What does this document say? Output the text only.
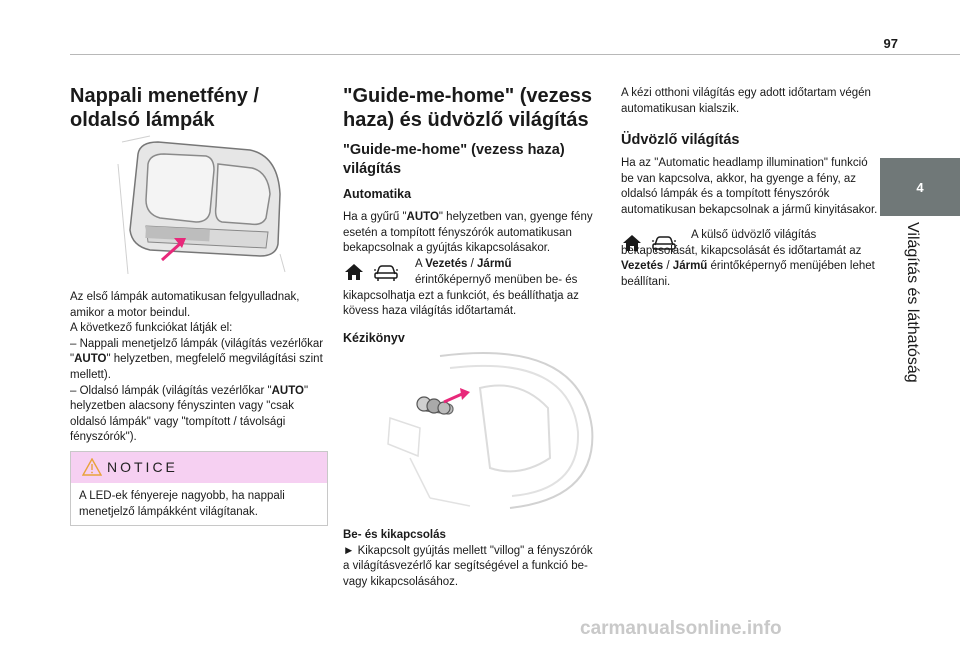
97
4
Világítás és láthatóság
Nappali menetfény / oldalsó lámpák

Az első lámpák automatikusan felgyulladnak, amikor a motor beindul.

A következő funkciókat látják el:

– Nappali menetjelző lámpák (világítás vezérlőkar "AUTO" helyzetben, megfelelő megvilágítási szint mellett).

– Oldalsó lámpák (világítás vezérlőkar "AUTO" helyzetben alacsony fényszinten vagy "csak oldalsó lámpák" vagy "tompított / távolsági fényszórók").

NOTICE

A LED-ek fényereje nagyobb, ha nappali menetjelző lámpákként világítanak.

"Guide-me-home" (vezess haza) és üdvözlő világítás
"Guide-me-home" (vezess haza) világítás
Automatika

Ha a gyűrű "AUTO" helyzetben van, gyenge fény esetén a tompított fényszórók automatikusan bekapcsolnak a gyújtás kikapcsolásakor.

A Vezetés / Jármű

érintőképernyő menüben be- és kikapcsolhatja ezt a funkciót, és beállíthatja az kövess haza világítás időtartamát.

Kézikönyv

Be- és kikapcsolás

► Kikapcsolt gyújtás mellett "villog" a fényszórók a világításvezérlő kar segítségével a funkció be- vagy kikapcsolásához.

A kézi otthoni világítás egy adott időtartam végén automatikusan kialszik.

Üdvözlő világítás

Ha az "Automatic headlamp illumination" funkció be van kapcsolva, akkor, ha gyenge a fény, az oldalsó lámpák és a tompított fényszórók automatikusan bekapcsolnak a jármű kinyitásakor.

A külső üdvözlő világítás bekapcsolását, kikapcsolását és időtartamát az Vezetés / Jármű érintőképernyő menüjében lehet beállítani.

carmanualsonline.info
